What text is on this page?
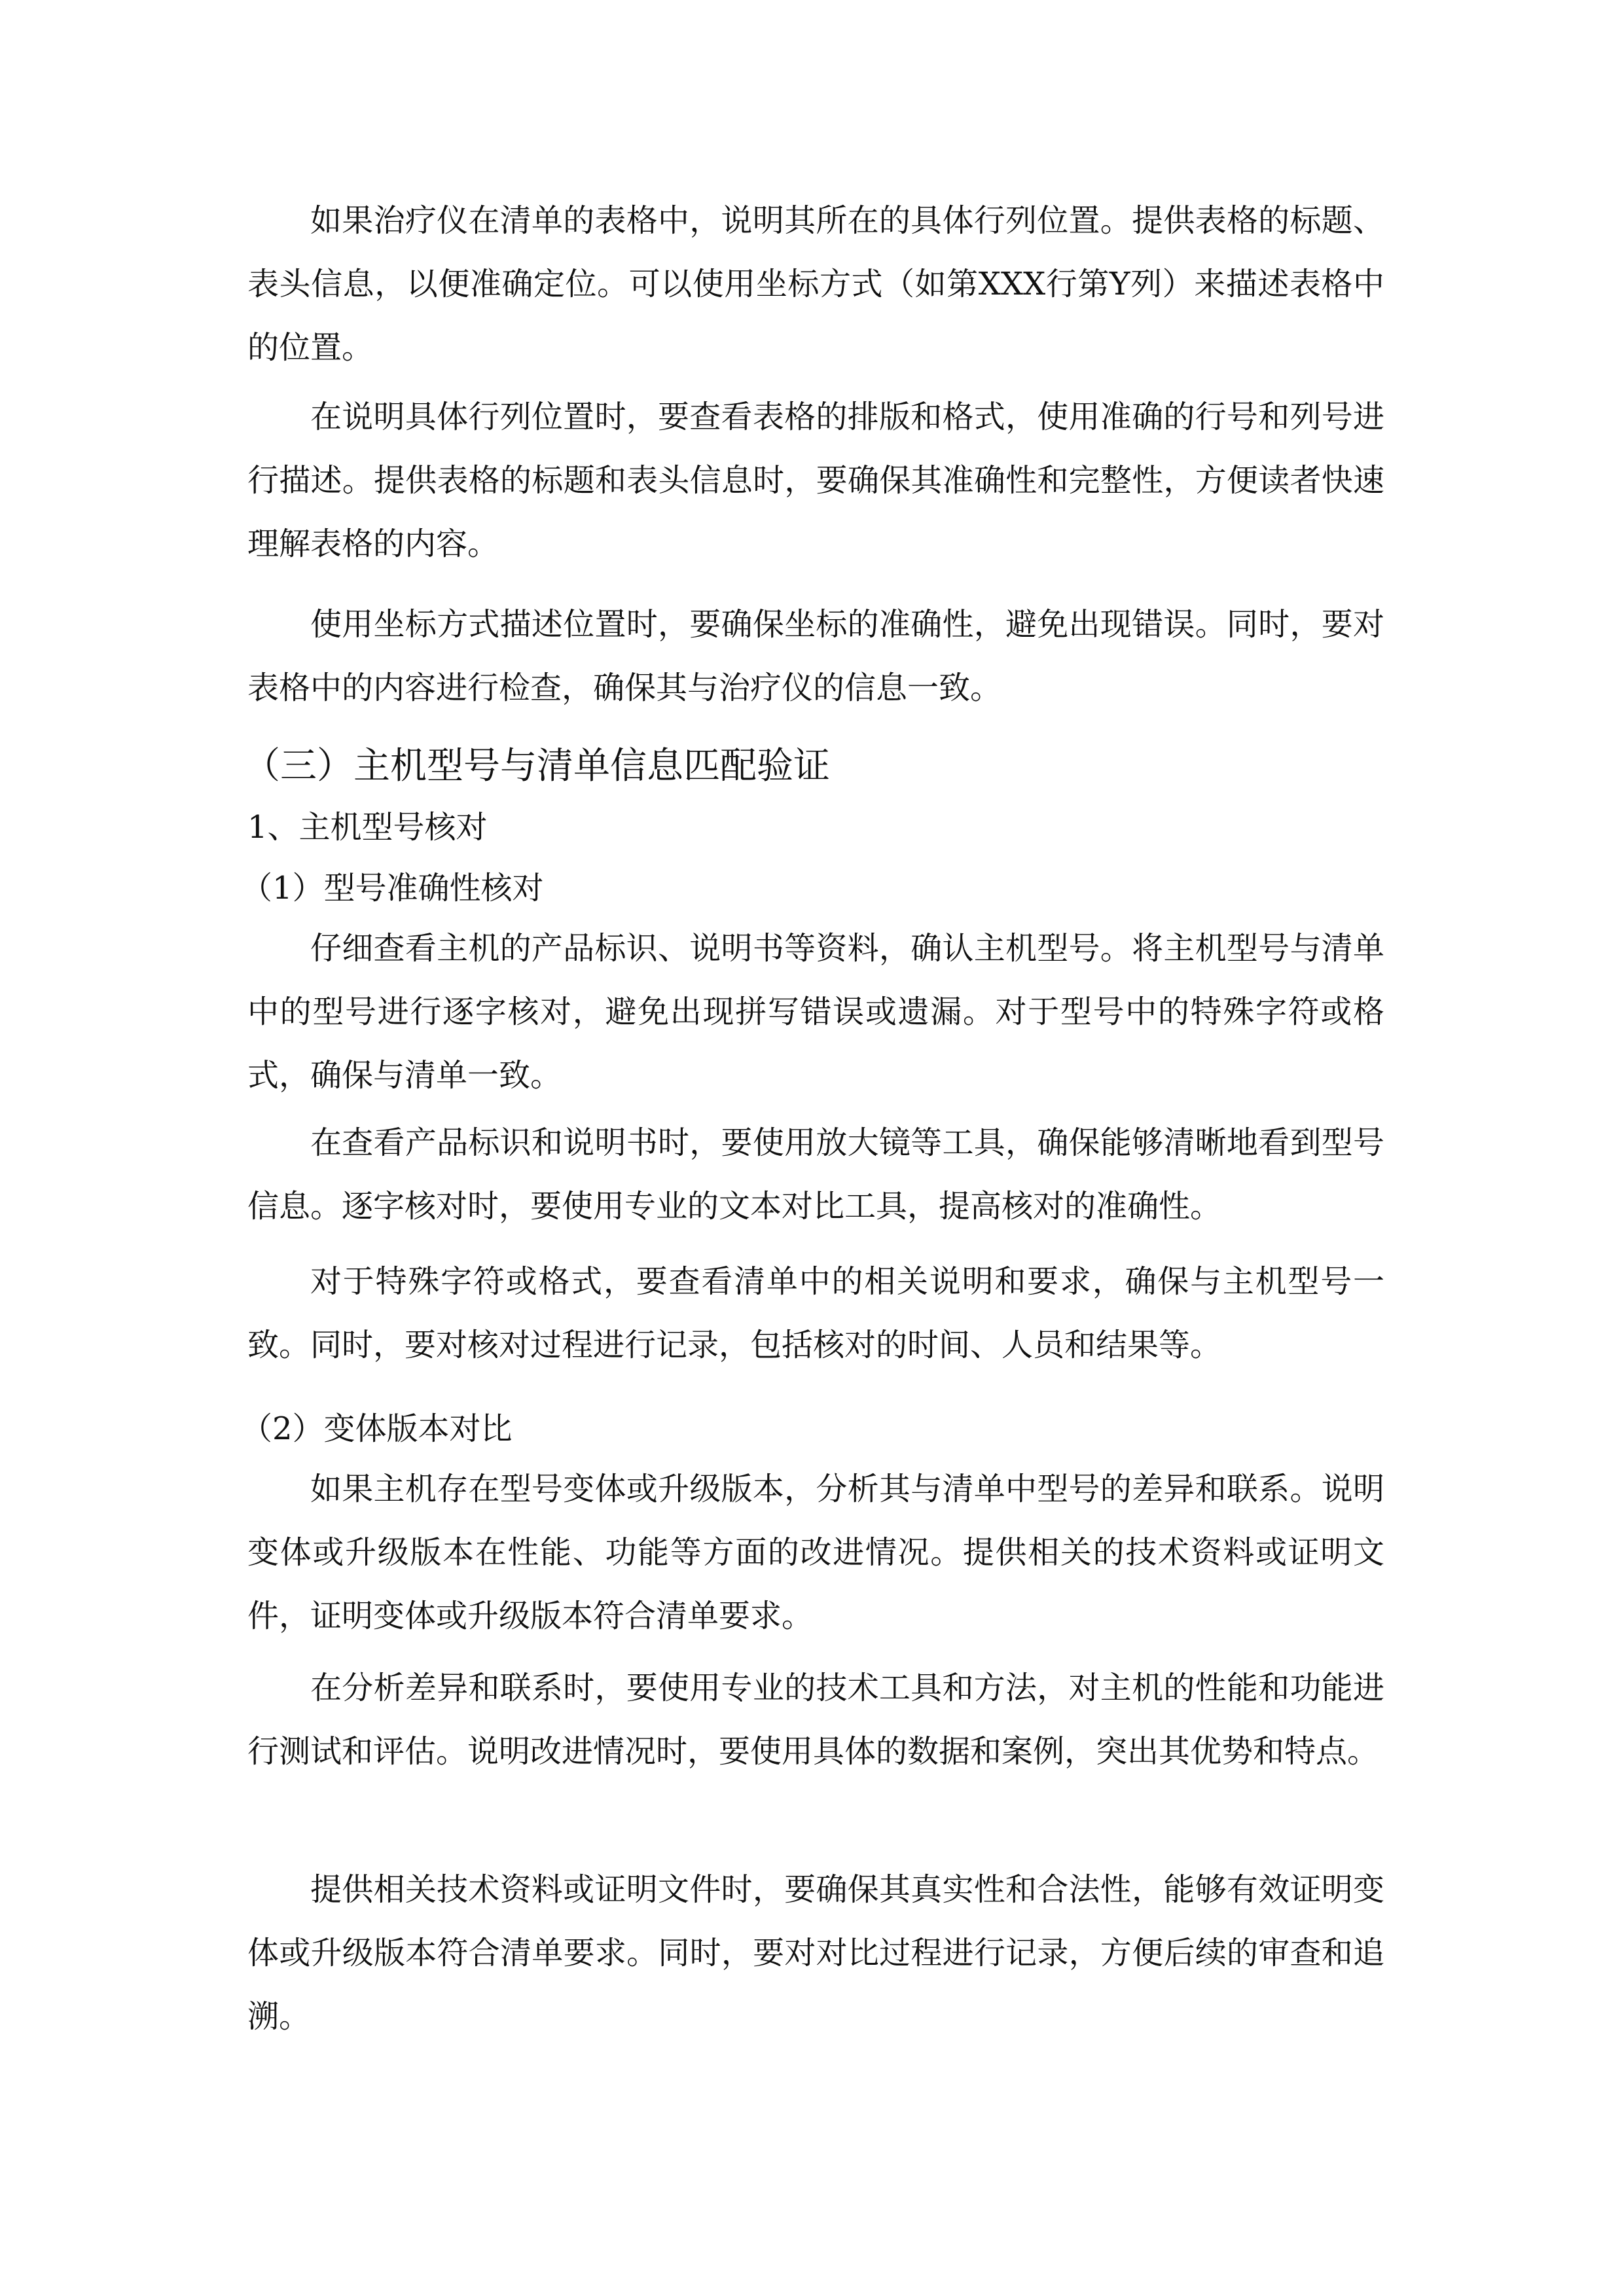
如果治疗仪在清单的表格中，说明其所在的具体行列位置。提供表格的标题、表头信息，以便准确定位。可以使用坐标方式（如第XXX行第Y列）来描述表格中的位置。

在说明具体行列位置时，要查看表格的排版和格式，使用准确的行号和列号进行描述。提供表格的标题和表头信息时，要确保其准确性和完整性，方便读者快速理解表格的内容。

使用坐标方式描述位置时，要确保坐标的准确性，避免出现错误。同时，要对表格中的内容进行检查，确保其与治疗仪的信息一致。

（三）主机型号与清单信息匹配验证
1、主机型号核对
（1）型号准确性核对

仔细查看主机的产品标识、说明书等资料，确认主机型号。将主机型号与清单中的型号进行逐字核对，避免出现拼写错误或遗漏。对于型号中的特殊字符或格式，确保与清单一致。

在查看产品标识和说明书时，要使用放大镜等工具，确保能够清晰地看到型号信息。逐字核对时，要使用专业的文本对比工具，提高核对的准确性。

对于特殊字符或格式，要查看清单中的相关说明和要求，确保与主机型号一致。同时，要对核对过程进行记录，包括核对的时间、人员和结果等。

（2）变体版本对比

如果主机存在型号变体或升级版本，分析其与清单中型号的差异和联系。说明变体或升级版本在性能、功能等方面的改进情况。提供相关的技术资料或证明文件，证明变体或升级版本符合清单要求。

在分析差异和联系时，要使用专业的技术工具和方法，对主机的性能和功能进行测试和评估。说明改进情况时，要使用具体的数据和案例，突出其优势和特点。

提供相关技术资料或证明文件时，要确保其真实性和合法性，能够有效证明变体或升级版本符合清单要求。同时，要对对比过程进行记录，方便后续的审查和追溯。
